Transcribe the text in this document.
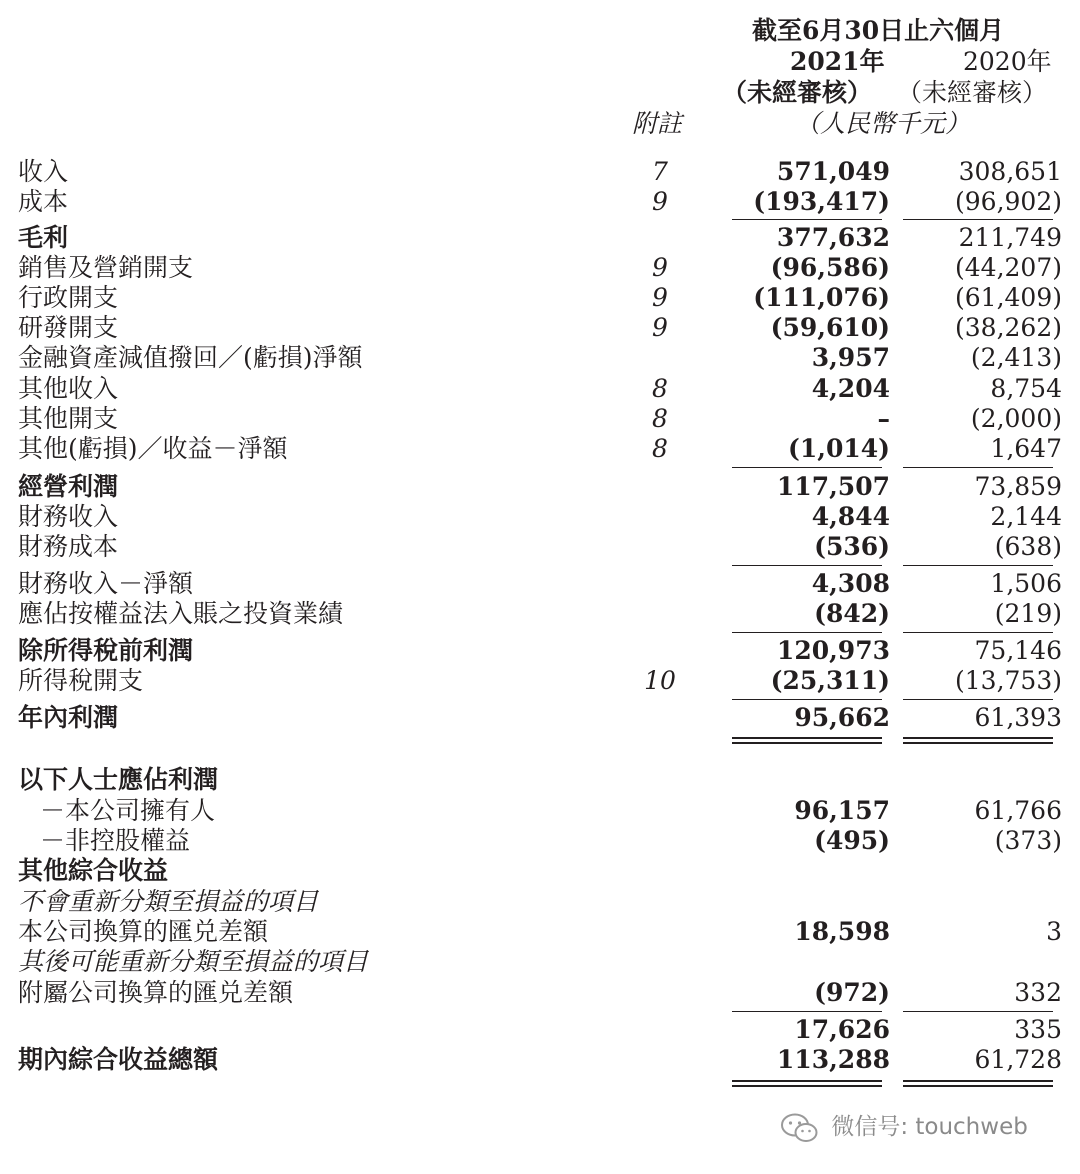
截至6月30日止六個月
2021年	2020年
（未經審核） （未經審核）
附註	（人民幣千元）
收入	7	571,049	308,651
成本	9	(193,417)	(96,902)
毛利	377,632	211,749
銷售及營銷開支	9	(96,586)	(44,207)
行政開支	9	(111,076)	(61,409)
研發開支	9	(59,610)	(38,262)
金融資產減值撥回／(虧損)淨額	3,957	(2,413)
其他收入	8	4,204	8,754
其他開支	8	–	(2,000)
其他(虧損)／收益－淨額	8	(1,014)	1,647
經營利潤	117,507	73,859
財務收入	4,844	2,144
財務成本	(536)	(638)
財務收入－淨額	4,308	1,506
應佔按權益法入賬之投資業績	(842)	(219)
除所得稅前利潤	120,973	75,146
所得稅開支	10	(25,311)	(13,753)
年內利潤	95,662	61,393
以下人士應佔利潤
－本公司擁有人	96,157	61,766
－非控股權益	(495)	(373)
其他綜合收益
不會重新分類至損益的項目
本公司換算的匯兑差額	18,598	3
其後可能重新分類至損益的項目
附屬公司換算的匯兑差額	(972)	332
17,626	335
期內綜合收益總額	113,288	61,728
微信号: touchweb
